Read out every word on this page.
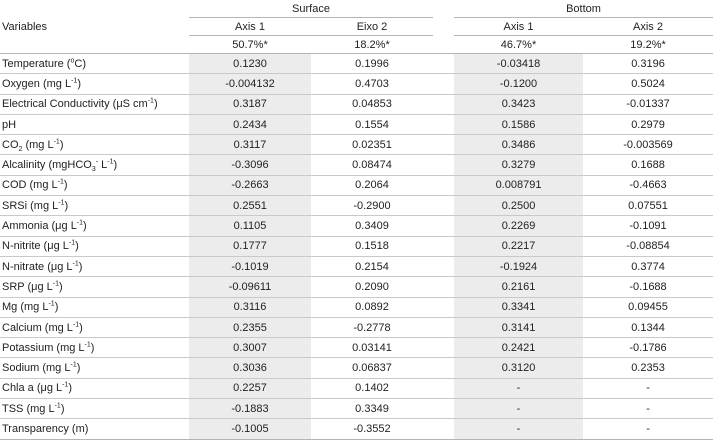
Variables	Surface			Bottom	
	Axis 1	Eixo 2		Axis 1	Axis 2
	50.7%*	18.2%*		46.7%*	19.2%*
Temperature ($^o$C)	0.1230	0.1996		-0.03418	0.3196
Oxygen (mg $L^{-1}$)	-0.004132	0.4703		-0.1200	0.5024
Electrical Conductivity (μS $cm^{-1}$)	0.3187	0.04853		0.3423	-0.01337
pH	0.2434	0.1554		0.1586	0.2979
$CO_2$ (mg $L^{-1}$)	0.3117	0.02351		0.3486	-0.003569
Alcalinity (mgHCO$_3$- $L^{-1}$)	-0.3096	0.08474		0.3279	0.1688
COD (mg $L^{-1}$)	-0.2663	0.2064		0.008791	-0.4663
SRSi (mg $L^{-1}$)	0.2551	-0.2900		0.2500	0.07551
Ammonia (μg $L^{-1}$)	0.1105	0.3409		0.2269	-0.1091
N-nitrite (μg $L^{-1}$)	0.1777	0.1518		0.2217	-0.08854
N-nitrate (μg $L^{-1}$)	-0.1019	0.2154		-0.1924	0.3774
SRP (μg $L^{-1}$)	-0.09611	0.2090		0.2161	-0.1688
Mg (mg $L^{-1}$)	0.3116	0.0892		0.3341	0.09455
Calcium (mg $L^{-1}$)	0.2355	-0.2778		0.3141	0.1344
Potassium (mg $L^{-1}$)	0.3007	0.03141		0.2421	-0.1786
Sodium (mg $L^{-1}$)	0.3036	0.06837		0.3120	0.2353
Chla a (μg $L^{-1}$)	0.2257	0.1402		-	-
TSS (mg $L^{-1}$)	-0.1883	0.3349		-	-
Transparency (m)	-0.1005	-0.3552		-	-
